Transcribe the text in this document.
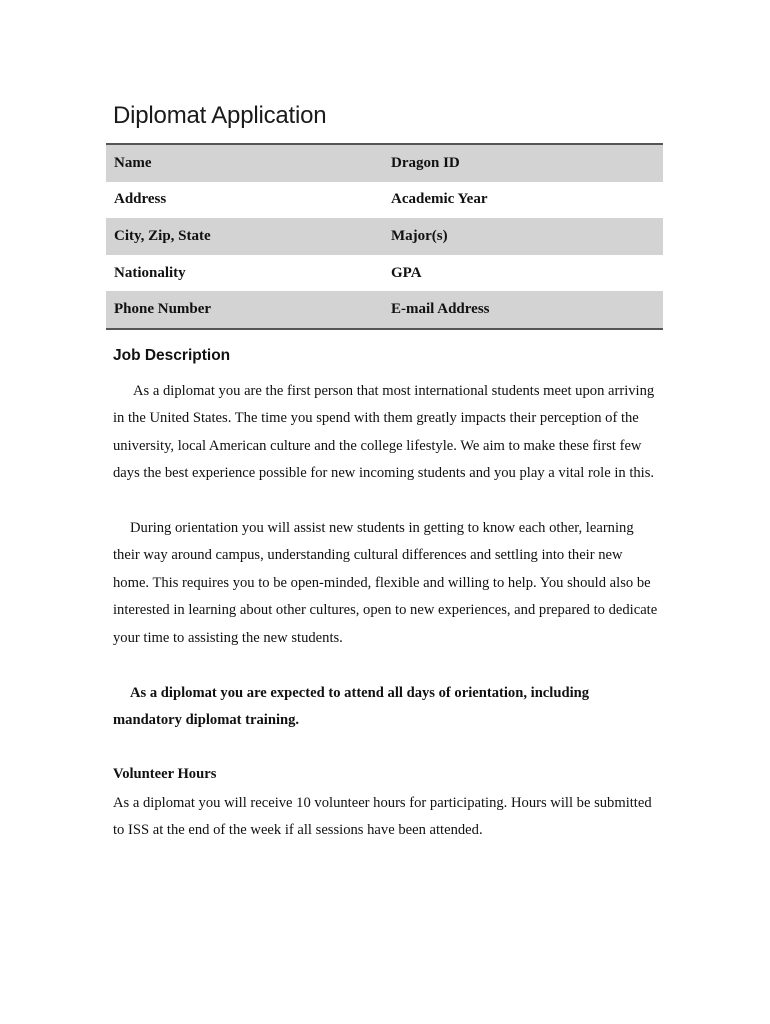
Diplomat Application
Name	Dragon ID
Address	Academic Year
City, Zip, State	Major(s)
Nationality	GPA
Phone Number	E-mail Address
Job Description

As a diplomat you are the first person that most international students meet upon arriving in the United States. The time you spend with them greatly impacts their perception of the university, local American culture and the college lifestyle. We aim to make these first few days the best experience possible for new incoming students and you play a vital role in this.

During orientation you will assist new students in getting to know each other, learning their way around campus, understanding cultural differences and settling into their new home. This requires you to be open-minded, flexible and willing to help. You should also be interested in learning about other cultures, open to new experiences, and prepared to dedicate your time to assisting the new students.

As a diplomat you are expected to attend all days of orientation, including mandatory diplomat training.

Volunteer Hours

As a diplomat you will receive 10 volunteer hours for participating. Hours will be submitted to ISS at the end of the week if all sessions have been attended.
